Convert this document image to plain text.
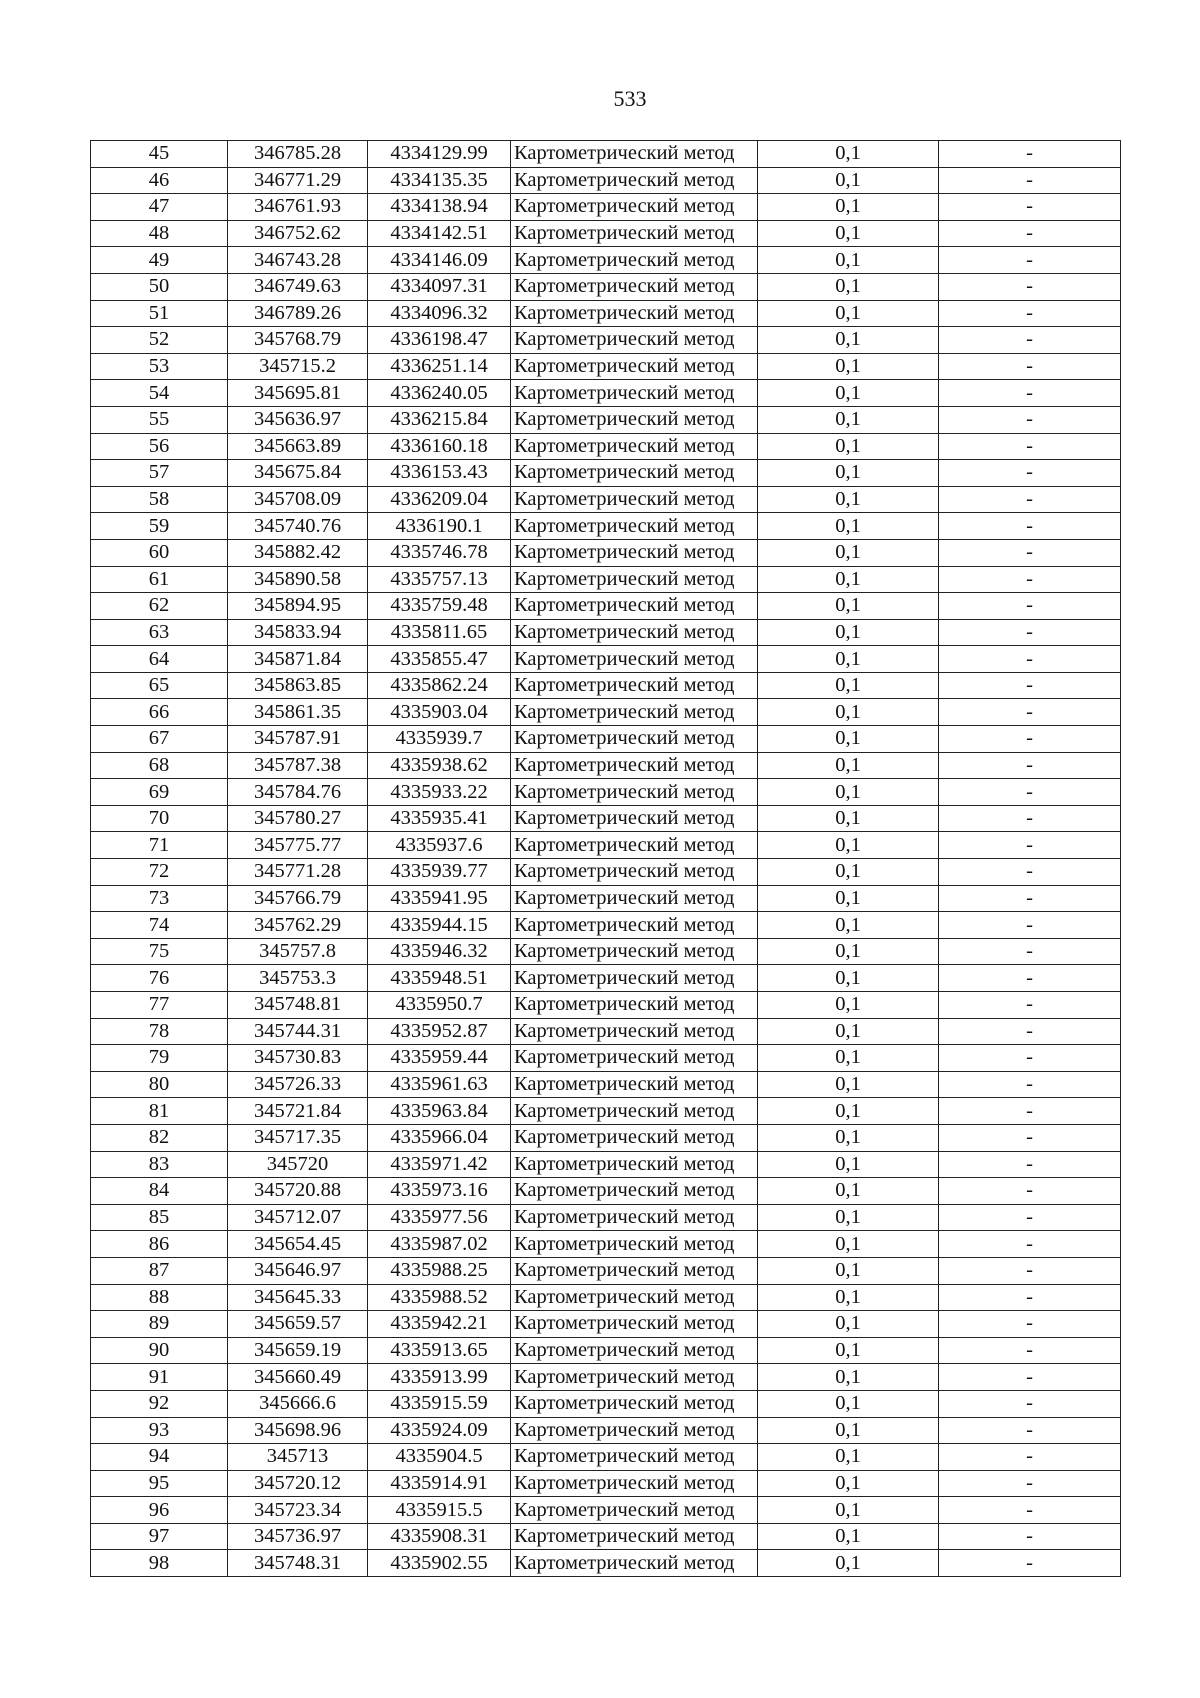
533
45	346785.28	4334129.99	Картометрический метод	0,1	-
46	346771.29	4334135.35	Картометрический метод	0,1	-
47	346761.93	4334138.94	Картометрический метод	0,1	-
48	346752.62	4334142.51	Картометрический метод	0,1	-
49	346743.28	4334146.09	Картометрический метод	0,1	-
50	346749.63	4334097.31	Картометрический метод	0,1	-
51	346789.26	4334096.32	Картометрический метод	0,1	-
52	345768.79	4336198.47	Картометрический метод	0,1	-
53	345715.2	4336251.14	Картометрический метод	0,1	-
54	345695.81	4336240.05	Картометрический метод	0,1	-
55	345636.97	4336215.84	Картометрический метод	0,1	-
56	345663.89	4336160.18	Картометрический метод	0,1	-
57	345675.84	4336153.43	Картометрический метод	0,1	-
58	345708.09	4336209.04	Картометрический метод	0,1	-
59	345740.76	4336190.1	Картометрический метод	0,1	-
60	345882.42	4335746.78	Картометрический метод	0,1	-
61	345890.58	4335757.13	Картометрический метод	0,1	-
62	345894.95	4335759.48	Картометрический метод	0,1	-
63	345833.94	4335811.65	Картометрический метод	0,1	-
64	345871.84	4335855.47	Картометрический метод	0,1	-
65	345863.85	4335862.24	Картометрический метод	0,1	-
66	345861.35	4335903.04	Картометрический метод	0,1	-
67	345787.91	4335939.7	Картометрический метод	0,1	-
68	345787.38	4335938.62	Картометрический метод	0,1	-
69	345784.76	4335933.22	Картометрический метод	0,1	-
70	345780.27	4335935.41	Картометрический метод	0,1	-
71	345775.77	4335937.6	Картометрический метод	0,1	-
72	345771.28	4335939.77	Картометрический метод	0,1	-
73	345766.79	4335941.95	Картометрический метод	0,1	-
74	345762.29	4335944.15	Картометрический метод	0,1	-
75	345757.8	4335946.32	Картометрический метод	0,1	-
76	345753.3	4335948.51	Картометрический метод	0,1	-
77	345748.81	4335950.7	Картометрический метод	0,1	-
78	345744.31	4335952.87	Картометрический метод	0,1	-
79	345730.83	4335959.44	Картометрический метод	0,1	-
80	345726.33	4335961.63	Картометрический метод	0,1	-
81	345721.84	4335963.84	Картометрический метод	0,1	-
82	345717.35	4335966.04	Картометрический метод	0,1	-
83	345720	4335971.42	Картометрический метод	0,1	-
84	345720.88	4335973.16	Картометрический метод	0,1	-
85	345712.07	4335977.56	Картометрический метод	0,1	-
86	345654.45	4335987.02	Картометрический метод	0,1	-
87	345646.97	4335988.25	Картометрический метод	0,1	-
88	345645.33	4335988.52	Картометрический метод	0,1	-
89	345659.57	4335942.21	Картометрический метод	0,1	-
90	345659.19	4335913.65	Картометрический метод	0,1	-
91	345660.49	4335913.99	Картометрический метод	0,1	-
92	345666.6	4335915.59	Картометрический метод	0,1	-
93	345698.96	4335924.09	Картометрический метод	0,1	-
94	345713	4335904.5	Картометрический метод	0,1	-
95	345720.12	4335914.91	Картометрический метод	0,1	-
96	345723.34	4335915.5	Картометрический метод	0,1	-
97	345736.97	4335908.31	Картометрический метод	0,1	-
98	345748.31	4335902.55	Картометрический метод	0,1	-
